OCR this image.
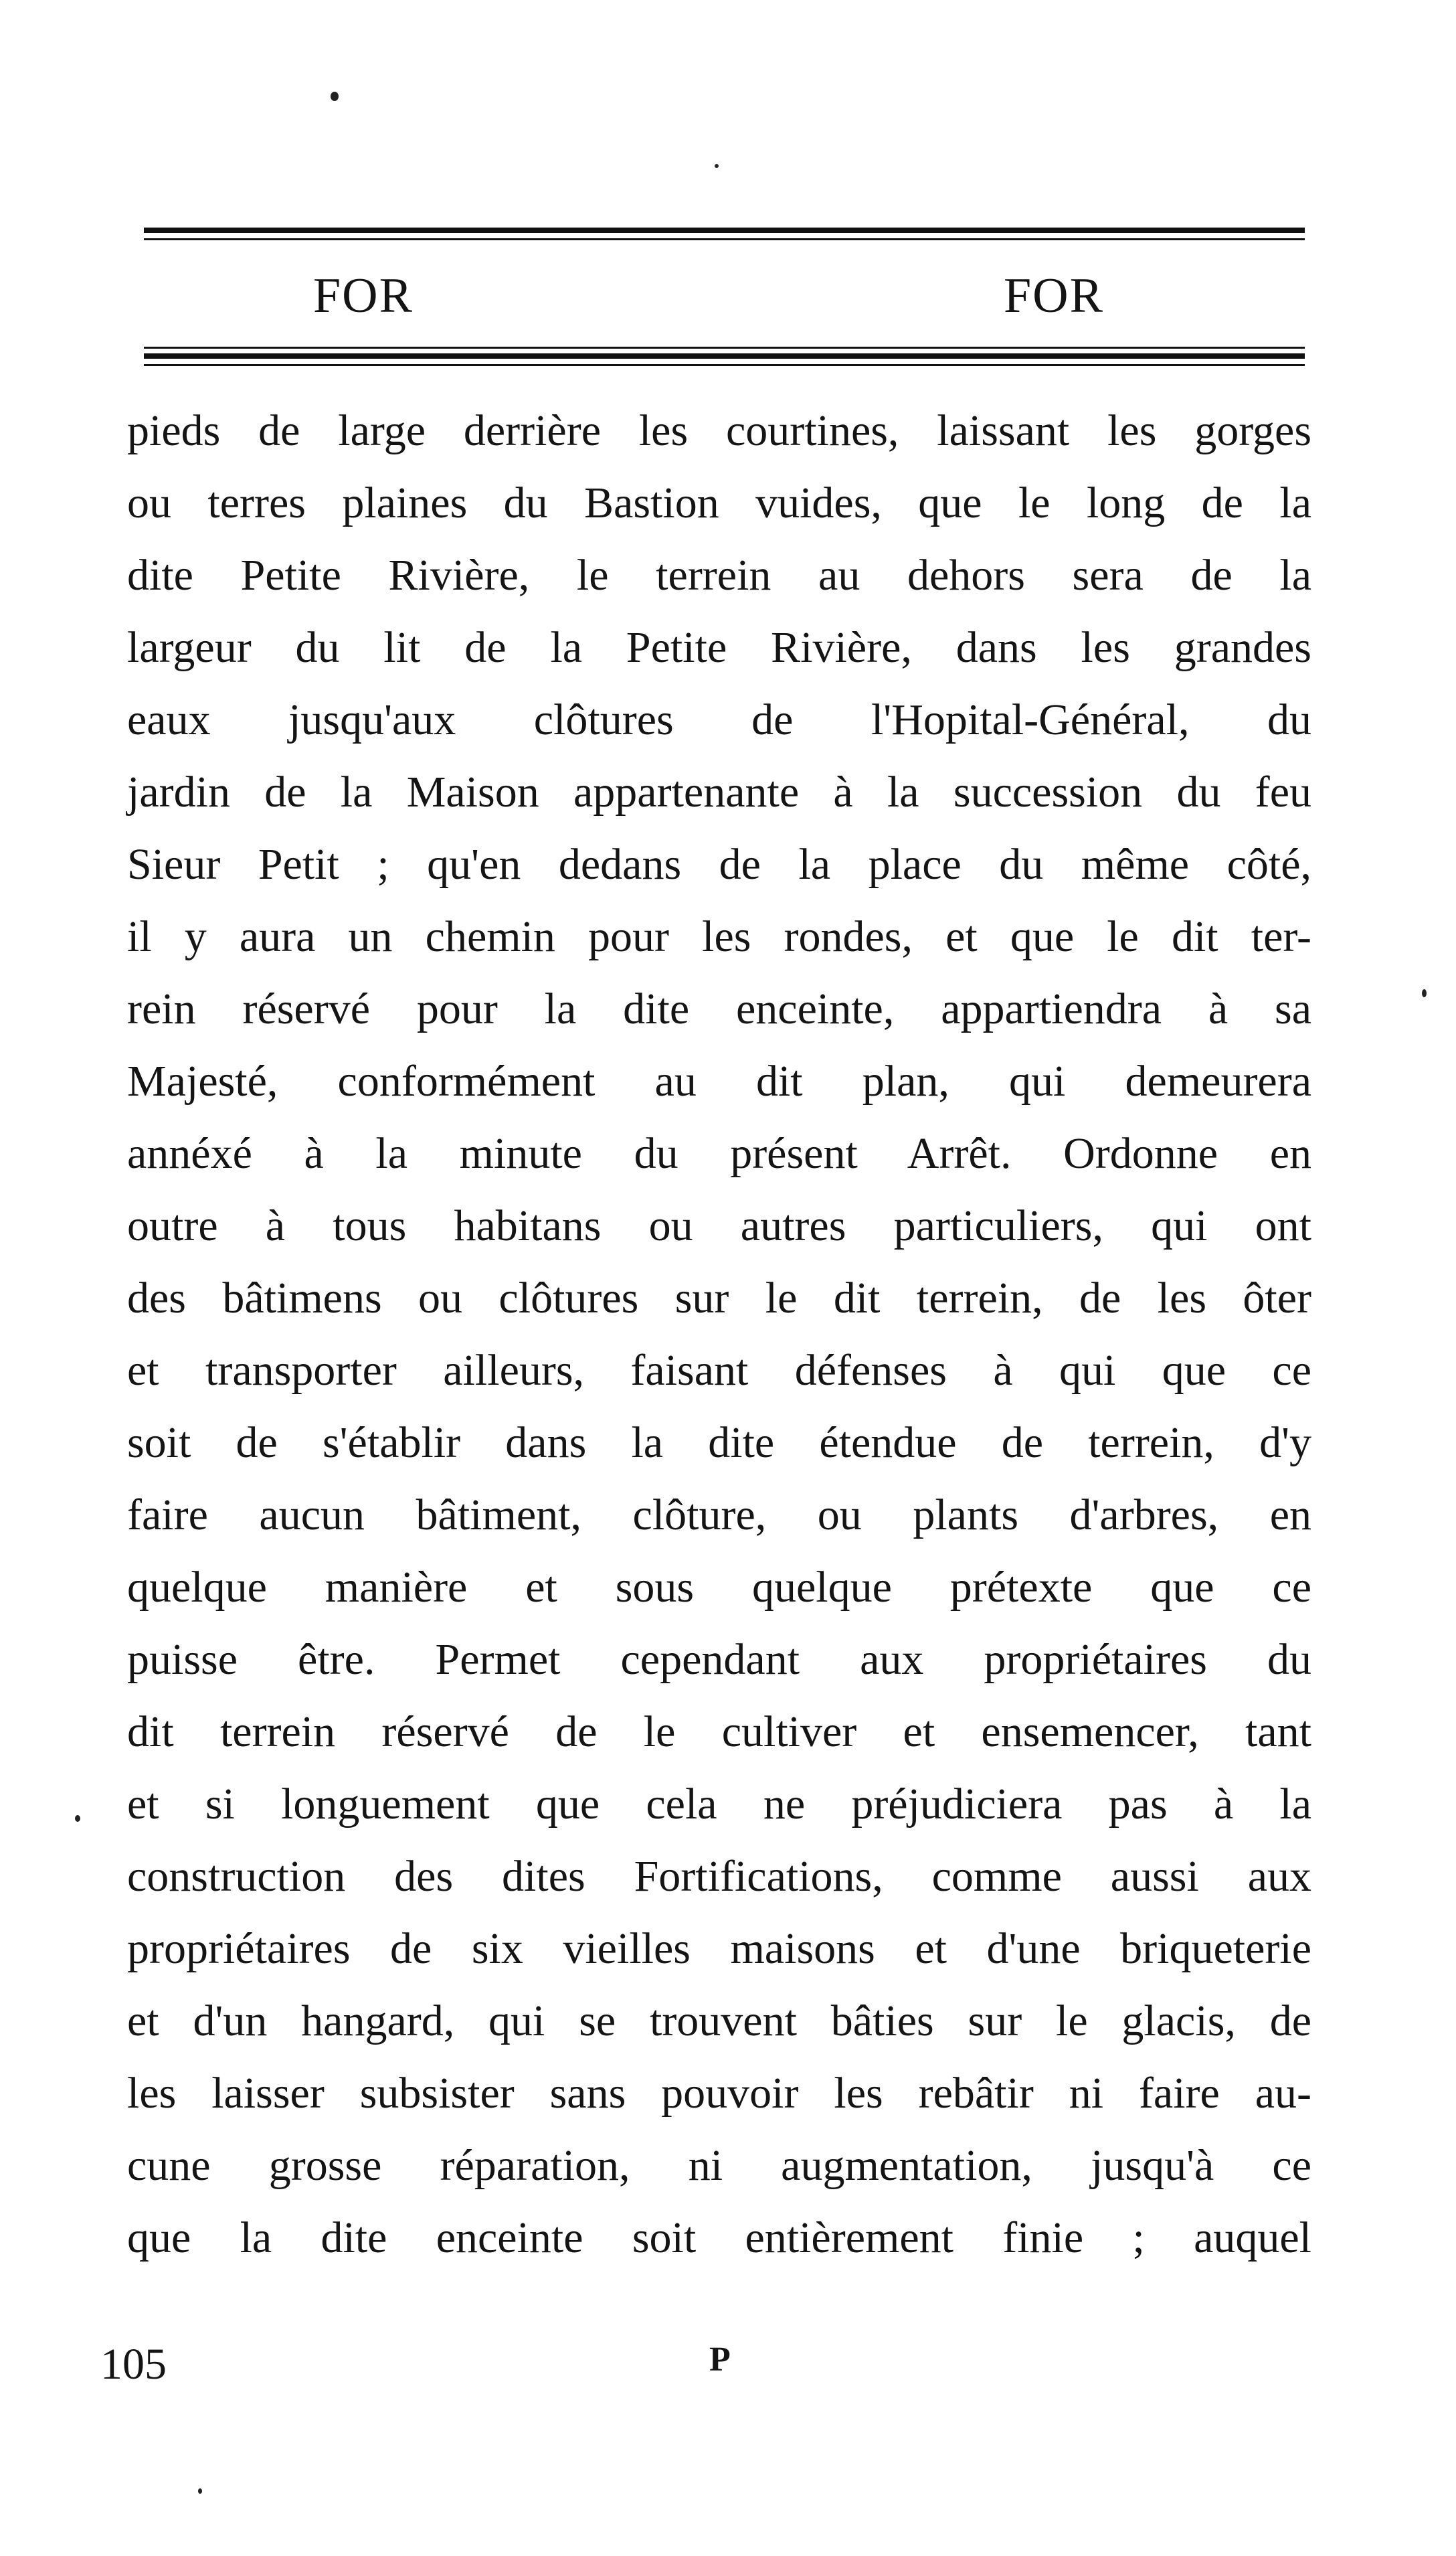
FOR	FOR
pieds de large derrière les courtines, laissant les gorges
ou terres plaines du Bastion vuides, que le long de la
dite Petite Rivière, le terrein au dehors sera de la
largeur du lit de la Petite Rivière, dans les grandes
eaux jusqu'aux clôtures de l'Hopital-Général, du
jardin de la Maison appartenante à la succession du feu
Sieur Petit ; qu'en dedans de la place du même côté,
il y aura un chemin pour les rondes, et que le dit ter-
rein réservé pour la dite enceinte, appartiendra à sa
Majesté, conformément au dit plan, qui demeurera
annéxé à la minute du présent Arrêt. Ordonne en
outre à tous habitans ou autres particuliers, qui ont
des bâtimens ou clôtures sur le dit terrein, de les ôter
et transporter ailleurs, faisant défenses à qui que ce
soit de s'établir dans la dite étendue de terrein, d'y
faire aucun bâtiment, clôture, ou plants d'arbres, en
quelque manière et sous quelque prétexte que ce
puisse être. Permet cependant aux propriétaires du
dit terrein réservé de le cultiver et ensemencer, tant
et si longuement que cela ne préjudiciera pas à la
construction des dites Fortifications, comme aussi aux
propriétaires de six vieilles maisons et d'une briqueterie
et d'un hangard, qui se trouvent bâties sur le glacis, de
les laisser subsister sans pouvoir les rebâtir ni faire au-
cune grosse réparation, ni augmentation, jusqu'à ce
que la dite enceinte soit entièrement finie ; auquel
105	P
